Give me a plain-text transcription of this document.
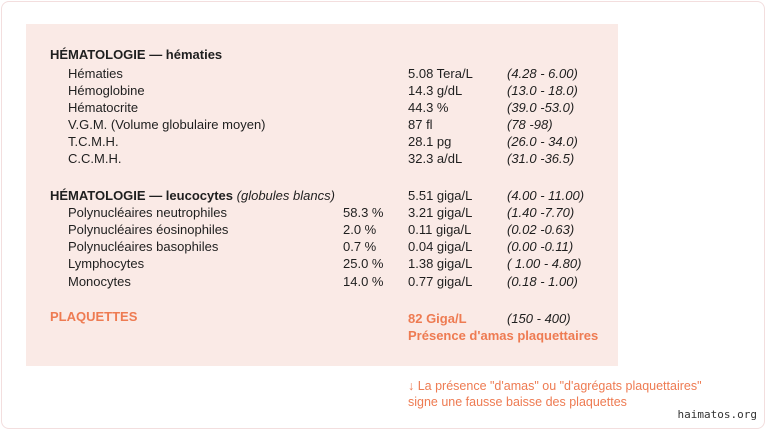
HÉMATOLOGIE — hématies
Hématies	5.08 Tera/L	(4.28 - 6.00)
Hémoglobine	14.3 g/dL	(13.0 - 18.0)
Hématocrite	44.3 %	(39.0 -53.0)
V.G.M. (Volume globulaire moyen)	87 fl	(78 -98)
T.C.M.H.	28.1 pg	(26.0 - 34.0)
C.C.M.H.	32.3 a/dL	(31.0 -36.5)
HÉMATOLOGIE — leucocytes (globules blancs)	5.51 giga/L	(4.00 - 11.00)
Polynucléaires neutrophiles	58.3 % 3.21 giga/L	(1.40 -7.70)
Polynucléaires éosinophiles	2.0 % 0.11 giga/L	(0.02 -0.63)
Polynucléaires basophiles	0.7 % 0.04 giga/L	(0.00 -0.11)
Lymphocytes	25.0 % 1.38 giga/L	( 1.00 - 4.80)
Monocytes	14.0 % 0.77 giga/L	(0.18 - 1.00)
PLAQUETTES	82 Giga/L	(150 - 400)
Présence d'amas plaquettaires
↓ La présence "d'amas" ou "d'agrégats plaquettaires"
signe une fausse baisse des plaquettes
haimatos.org
